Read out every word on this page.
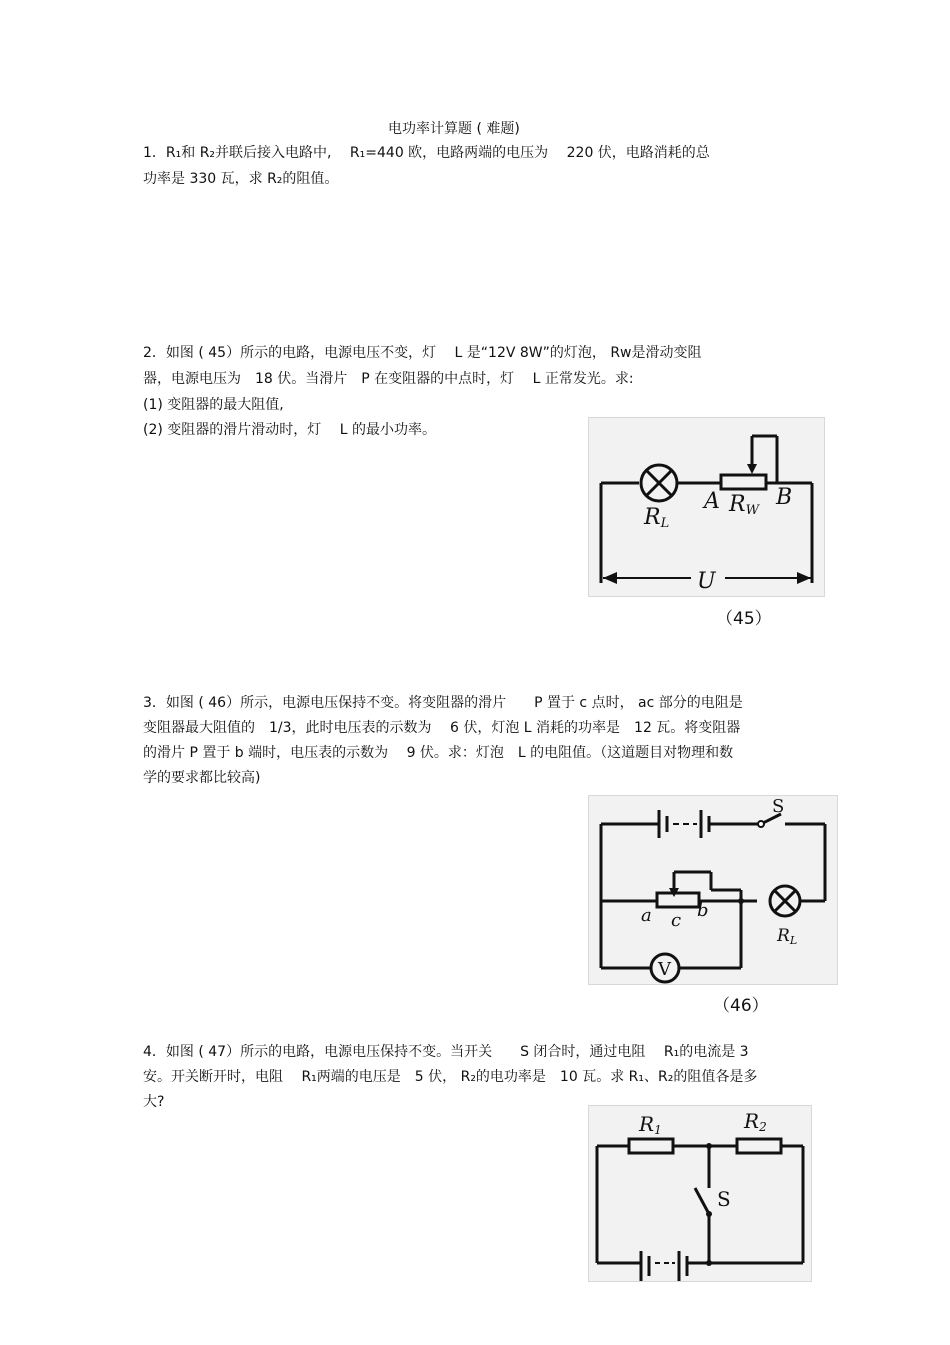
电功率计算题 ( 难题)
1．R₁和 R₂并联后接入电路中,　 R₁=440 欧，电路两端的电压为　 220 伏，电路消耗的总
功率是 330 瓦，求 R₂的阻值。
2．如图 ( 45）所示的电路，电源电压不变，灯　 L 是“12V 8W”的灯泡， Rw是滑动变阻
器，电源电压为　18 伏。当滑片　P 在变阻器的中点时，灯　 L 正常发光。求:
(1) 变阻器的最大阻值,
(2) 变阻器的滑片滑动时，灯　 L 的最小功率。
RL
A RW
B
U
（45）
3．如图 ( 46）所示，电源电压保持不变。将变阻器的滑片　　P 置于 c 点时， ac 部分的电阻是
变阻器最大阻值的　1/3，此时电压表的示数为　 6 伏，灯泡 L 消耗的功率是　12 瓦。将变阻器
的滑片 P 置于 b 端时，电压表的示数为　 9 伏。求：灯泡　L 的电阻值。（这道题目对物理和数
学的要求都比较高)
S
a c b
RL
V
（46）
4．如图 ( 47）所示的电路，电源电压保持不变。当开关　　S 闭合时，通过电阻　 R₁的电流是 3
安。开关断开时，电阻　 R₁两端的电压是　5 伏， R₂的电功率是　10 瓦。求 R₁、R₂的阻值各是多
大?
R1	R2
S
